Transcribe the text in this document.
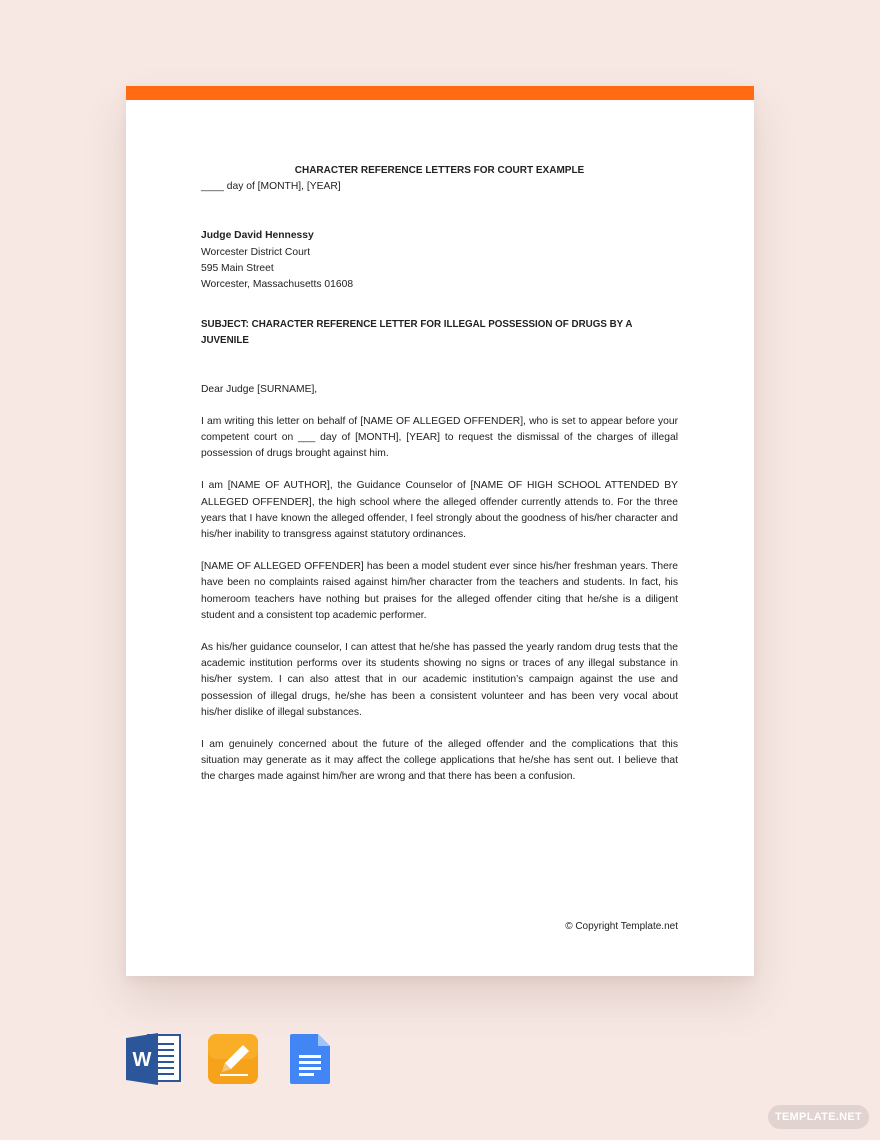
CHARACTER REFERENCE LETTERS FOR COURT EXAMPLE

____ day of [MONTH], [YEAR]

Judge David Hennessy

Worcester District Court

595 Main Street

Worcester, Massachusetts 01608

SUBJECT: CHARACTER REFERENCE LETTER FOR ILLEGAL POSSESSION OF DRUGS BY A JUVENILE

Dear Judge [SURNAME],

I am writing this letter on behalf of [NAME OF ALLEGED OFFENDER], who is set to appear before your competent court on ___ day of [MONTH], [YEAR] to request the dismissal of the charges of illegal possession of drugs brought against him.

I am [NAME OF AUTHOR], the Guidance Counselor of [NAME OF HIGH SCHOOL ATTENDED BY ALLEGED OFFENDER], the high school where the alleged offender currently attends to. For the three years that I have known the alleged offender, I feel strongly about the goodness of his/her character and his/her inability to transgress against statutory ordinances.

[NAME OF ALLEGED OFFENDER] has been a model student ever since his/her freshman years. There have been no complaints raised against him/her character from the teachers and students. In fact, his homeroom teachers have nothing but praises for the alleged offender citing that he/she is a diligent student and a consistent top academic performer.

As his/her guidance counselor, I can attest that he/she has passed the yearly random drug tests that the academic institution performs over its students showing no signs or traces of any illegal substance in his/her system. I can also attest that in our academic institution’s campaign against the use and possession of illegal drugs, he/she has been a consistent volunteer and has been very vocal about his/her dislike of illegal substances.

I am genuinely concerned about the future of the alleged offender and the complications that this situation may generate as it may affect the college applications that he/she has sent out. I believe that the charges made against him/her are wrong and that there has been a confusion.

© Copyright Template.net
W
TEMPLATE.NET
